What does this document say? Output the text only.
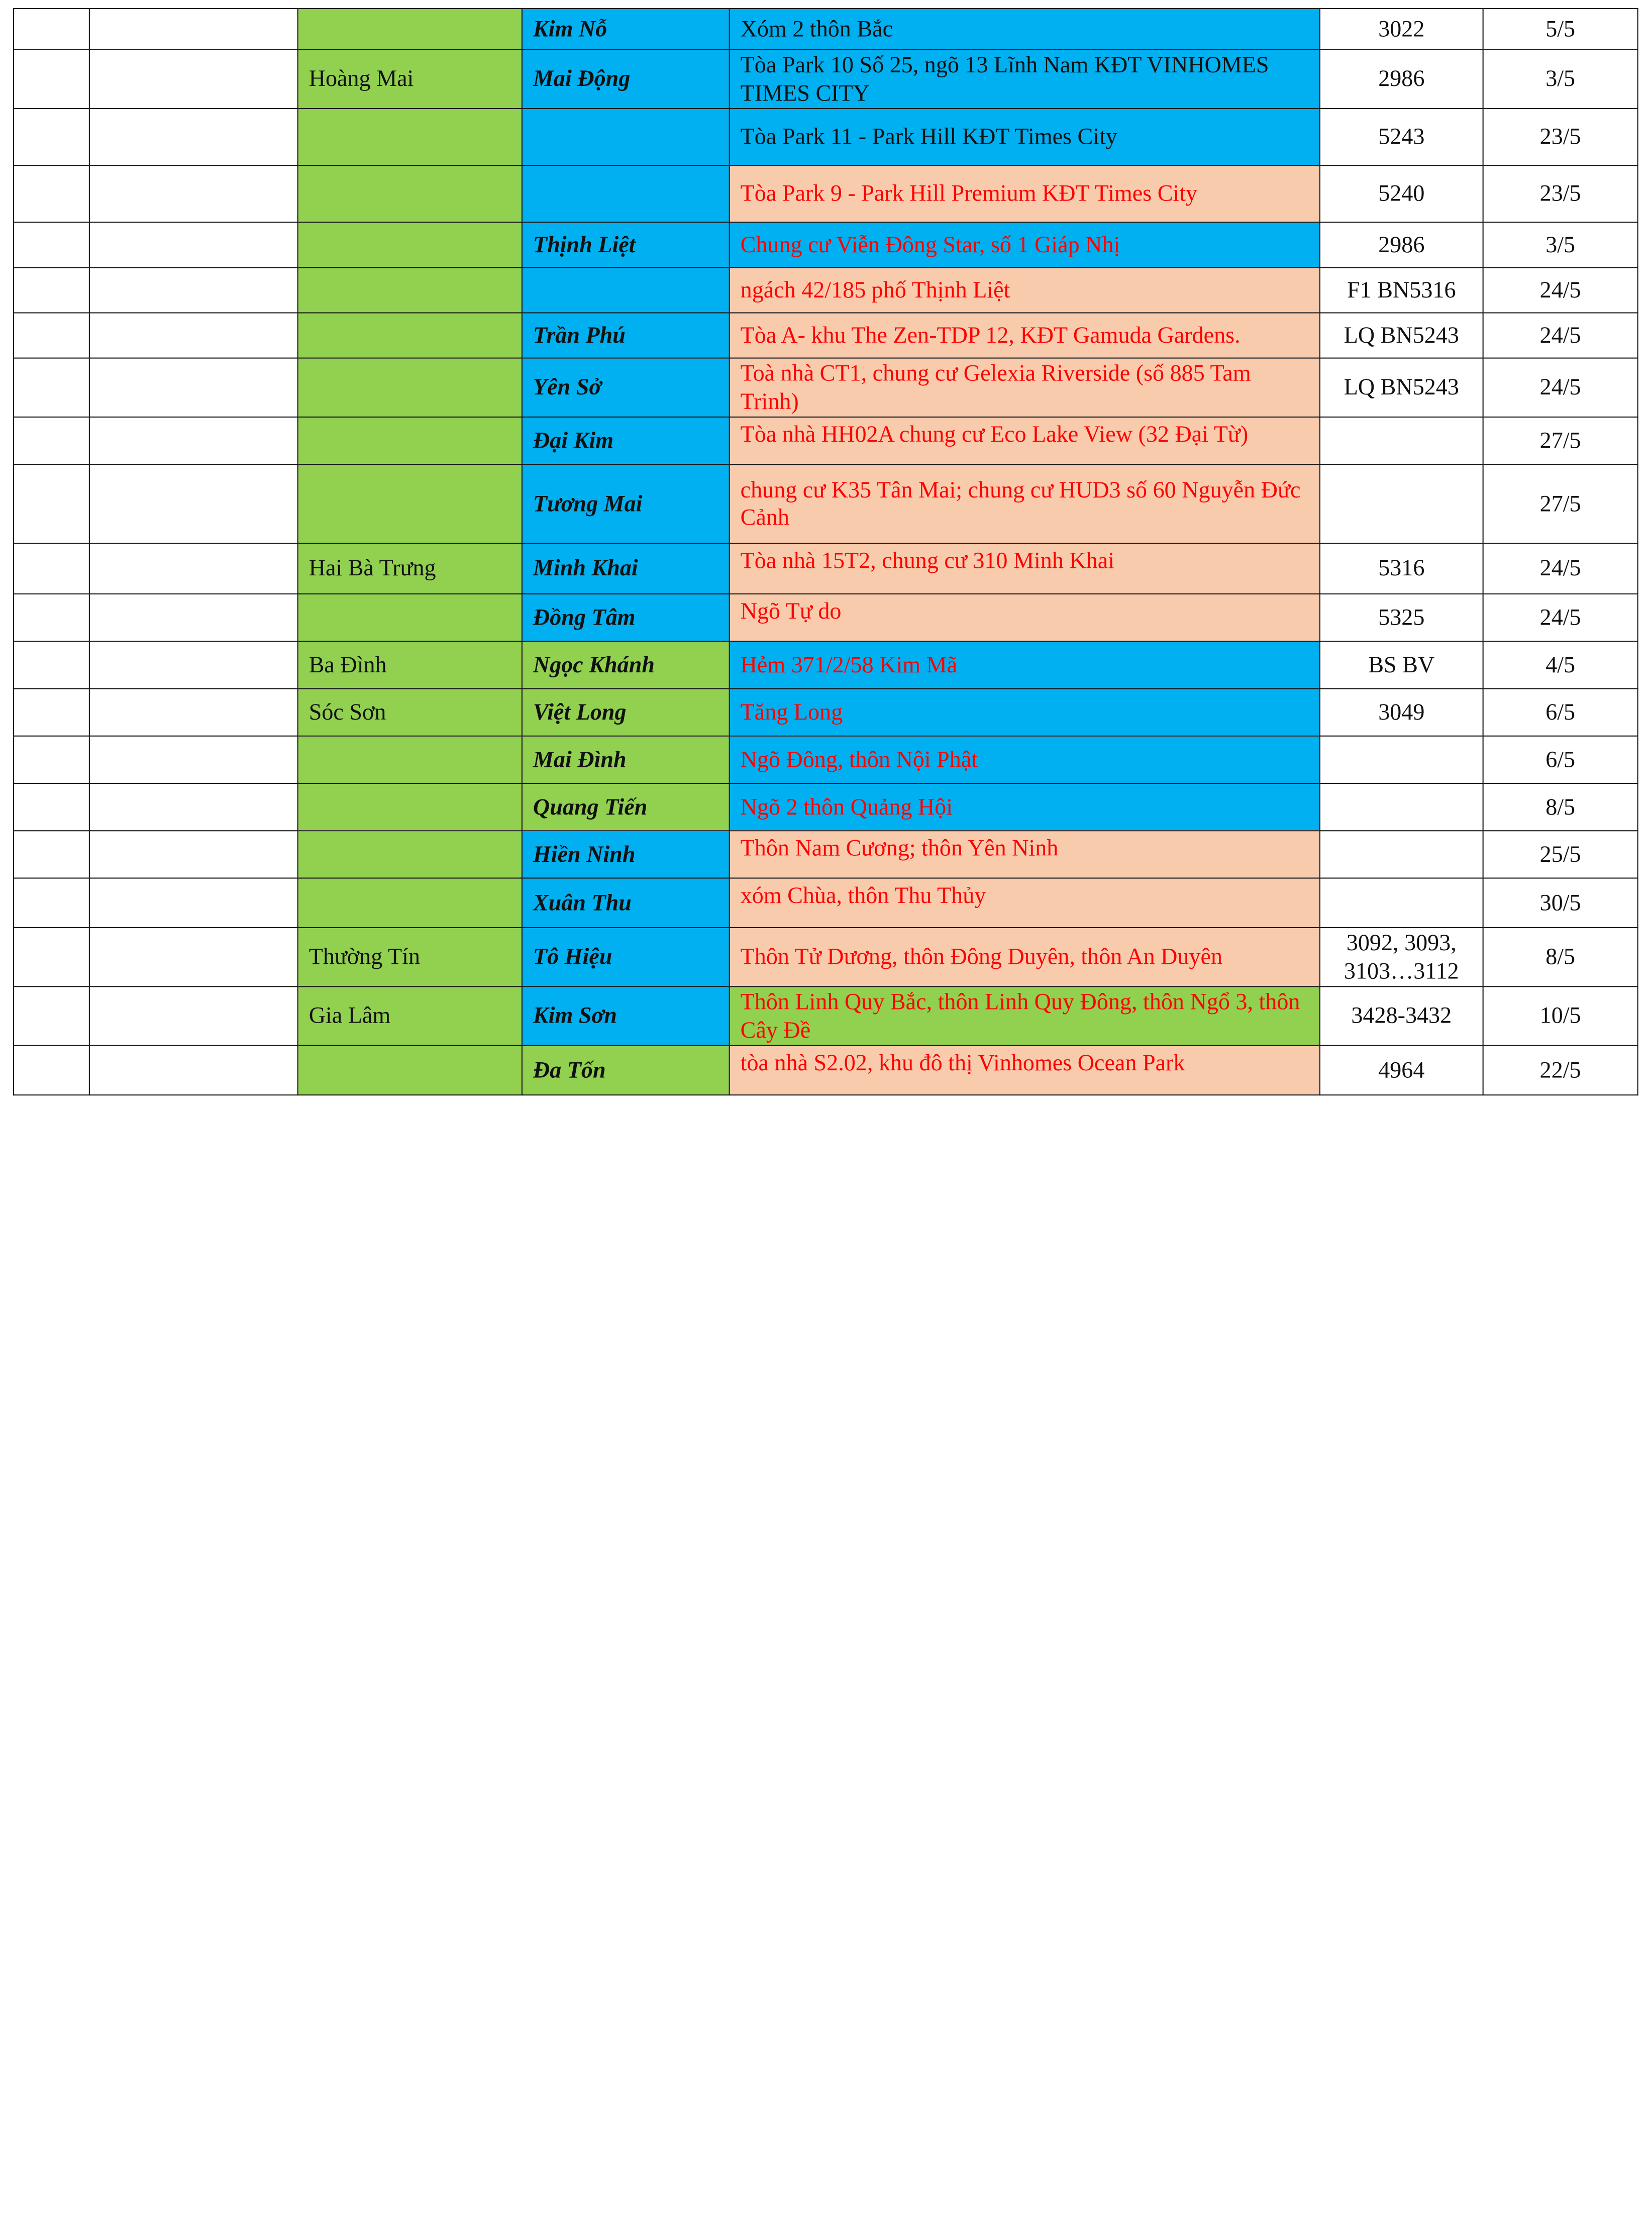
			Kim Nỗ	Xóm 2 thôn Bắc	3022	5/5
		Hoàng Mai	Mai Động	Tòa Park 10 Số 25, ngõ 13 Lĩnh Nam KĐT VINHOMES TIMES CITY	2986	3/5
				Tòa Park 11 - Park Hill KĐT Times City	5243	23/5
				Tòa Park 9 - Park Hill Premium KĐT Times City	5240	23/5
			Thịnh Liệt	Chung cư Viễn Đông Star, số 1 Giáp Nhị	2986	3/5
				ngách 42/185 phố Thịnh Liệt	F1 BN5316	24/5
			Trần Phú	Tòa A- khu The Zen-TDP 12, KĐT Gamuda Gardens.	LQ BN5243	24/5
			Yên Sở	Toà nhà CT1, chung cư Gelexia Riverside (số 885 Tam Trinh)	LQ BN5243	24/5
			Đại Kim	Tòa nhà HH02A chung cư Eco Lake View (32 Đại Từ)		27/5
			Tương Mai	chung cư K35 Tân Mai; chung cư HUD3 số 60 Nguyễn Đức Cảnh		27/5
		Hai Bà Trưng	Minh Khai	Tòa nhà 15T2, chung cư 310 Minh Khai	5316	24/5
			Đồng Tâm	Ngõ Tự do	5325	24/5
		Ba Đình	Ngọc Khánh	Hẻm 371/2/58 Kim Mã	BS BV	4/5
		Sóc Sơn	Việt Long	Tăng Long	3049	6/5
			Mai Đình	Ngõ Đông, thôn Nội Phật		6/5
			Quang Tiến	Ngõ 2 thôn Quảng Hội		8/5
			Hiền Ninh	Thôn Nam Cương; thôn Yên Ninh		25/5
			Xuân Thu	xóm Chùa, thôn Thu Thủy		30/5
		Thường Tín	Tô Hiệu	Thôn Tử Dương, thôn Đông Duyên, thôn An Duyên	3092, 3093, 3103…3112	8/5
		Gia Lâm	Kim Sơn	Thôn Linh Quy Bắc, thôn Linh Quy Đông, thôn Ngổ 3, thôn Cây Đề	3428-3432	10/5
			Đa Tốn	tòa nhà S2.02, khu đô thị Vinhomes Ocean Park	4964	22/5
